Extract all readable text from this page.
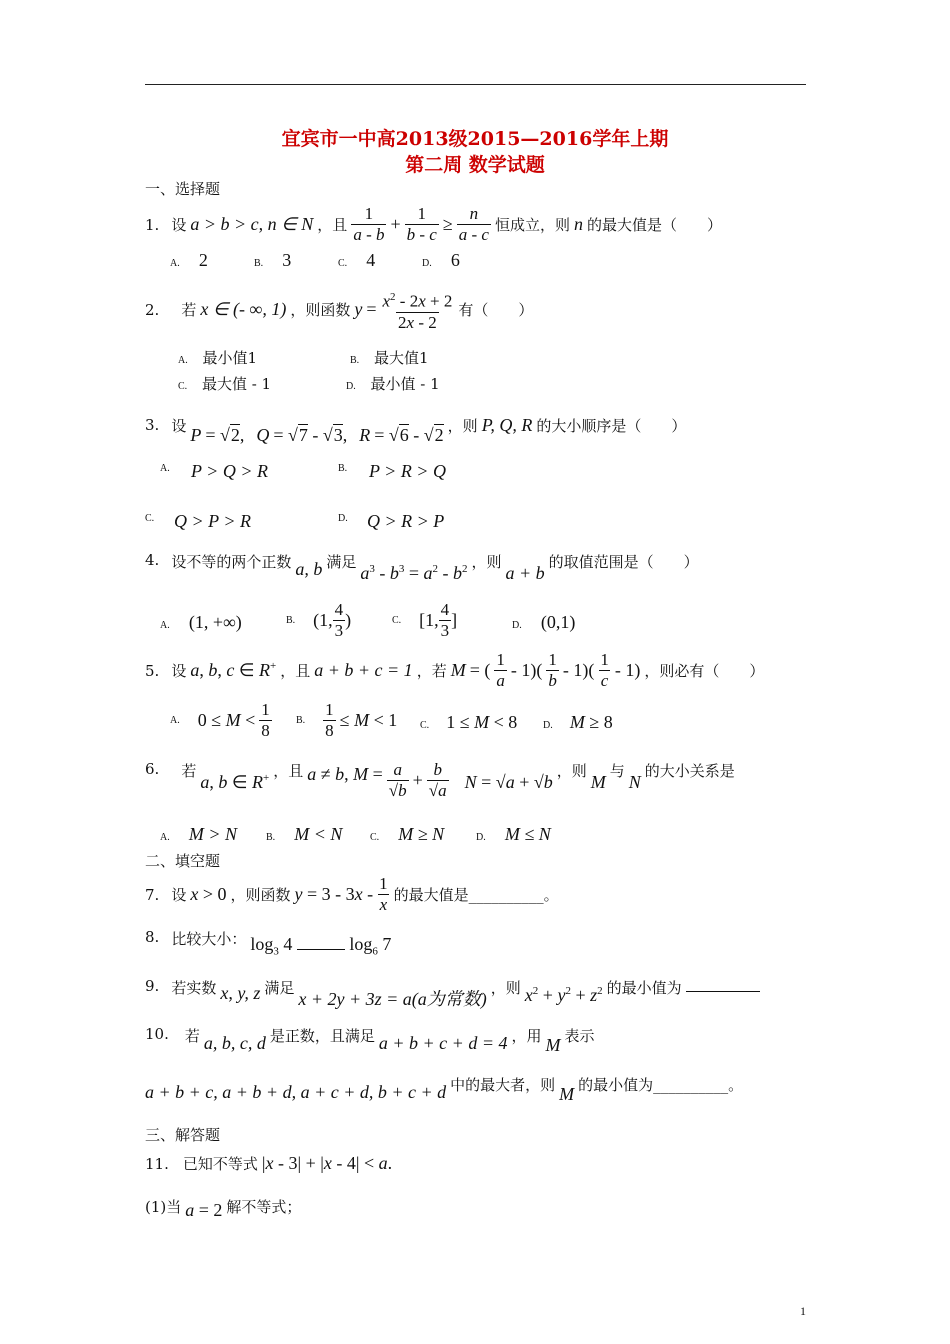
宜宾市一中高2013级2015—2016学年上期
第二周 数学试题
一、选择题
1. 设 a > b > c, n ∈ N ，且 $\frac{1}{a - b} + \frac{1}{b - c} \ge \frac{n}{a - c}$ 恒成立，则 n 的最大值是（　　）
A. 2	B. 3	C. 4	D. 6
2. 若 x ∈ (- ∞, 1) ，则函数 $y = \frac{x^2 - 2x + 2}{2x - 2}$ 有（　　）
A. 最小值1	B. 最大值1
C. 最大值 - 1	D. 最小值 - 1
3. 设 P = √2, Q = √7 - √3, R = √6 - √2 ，则 P, Q, R 的大小顺序是（　　）
A. P > Q > R	B. P > R > Q
C. Q > P > R	D. Q > R > P
4. 设不等的两个正数 a, b 满足
$a^3 - b^3 = a^2 - b^2$ ，则
a + b
的取值范围是（　　）
A. (1, +∞)	B. (1, $\frac{4}{3}$ )	C. [1, $\frac{4}{3}$ ]	D. (0,1)
5. 设 a, b, c ∈ R+ ，且 a + b + c = 1 ，若 M = ( $\frac{1}{a} - 1)( \frac{1}{b} - 1)( \frac{1}{c} - 1)$ ，则必有（　　）
A. $0 \le M < \frac{1}{8} B$. $\frac{1}{8} \le M < 1$ C. 1 ≤ M < 8	D. M ≥ 8
6. 若
a, b ∈ R+ ，且 a ≠ b, $M = \frac{a}{√b} + \frac{b}{√a}$ N = √a + √b
，则
M
与
N
的大小关系是
A. M > N	B. M < N	C. M ≥ N	D. M ≤ N
二、填空题
7. 设 x > 0 ，则函数 $y = 3 - 3x - \frac{1}{x}$ 的最大值是__________。
8. 比较大小： $\log_3 4$	$\log_6 7$
9. 若实数 x, y, z 满足
x + 2y + 3z = a(a为常数)
，则 $x^2 + y^2 + z^2$ 的最小值为
10. 若 a, b, c, d 是正数，且满足 a + b + c + d = 4 ，用 M 表示
a + b + c, a + b + d, a + c + d, b + c + d 中的最大者，则 M 的最小值为__________。
三、解答题
11. 已知不等式 |x - 3| + |x - 4| < a.
(1)当 a = 2 解不等式；
1
